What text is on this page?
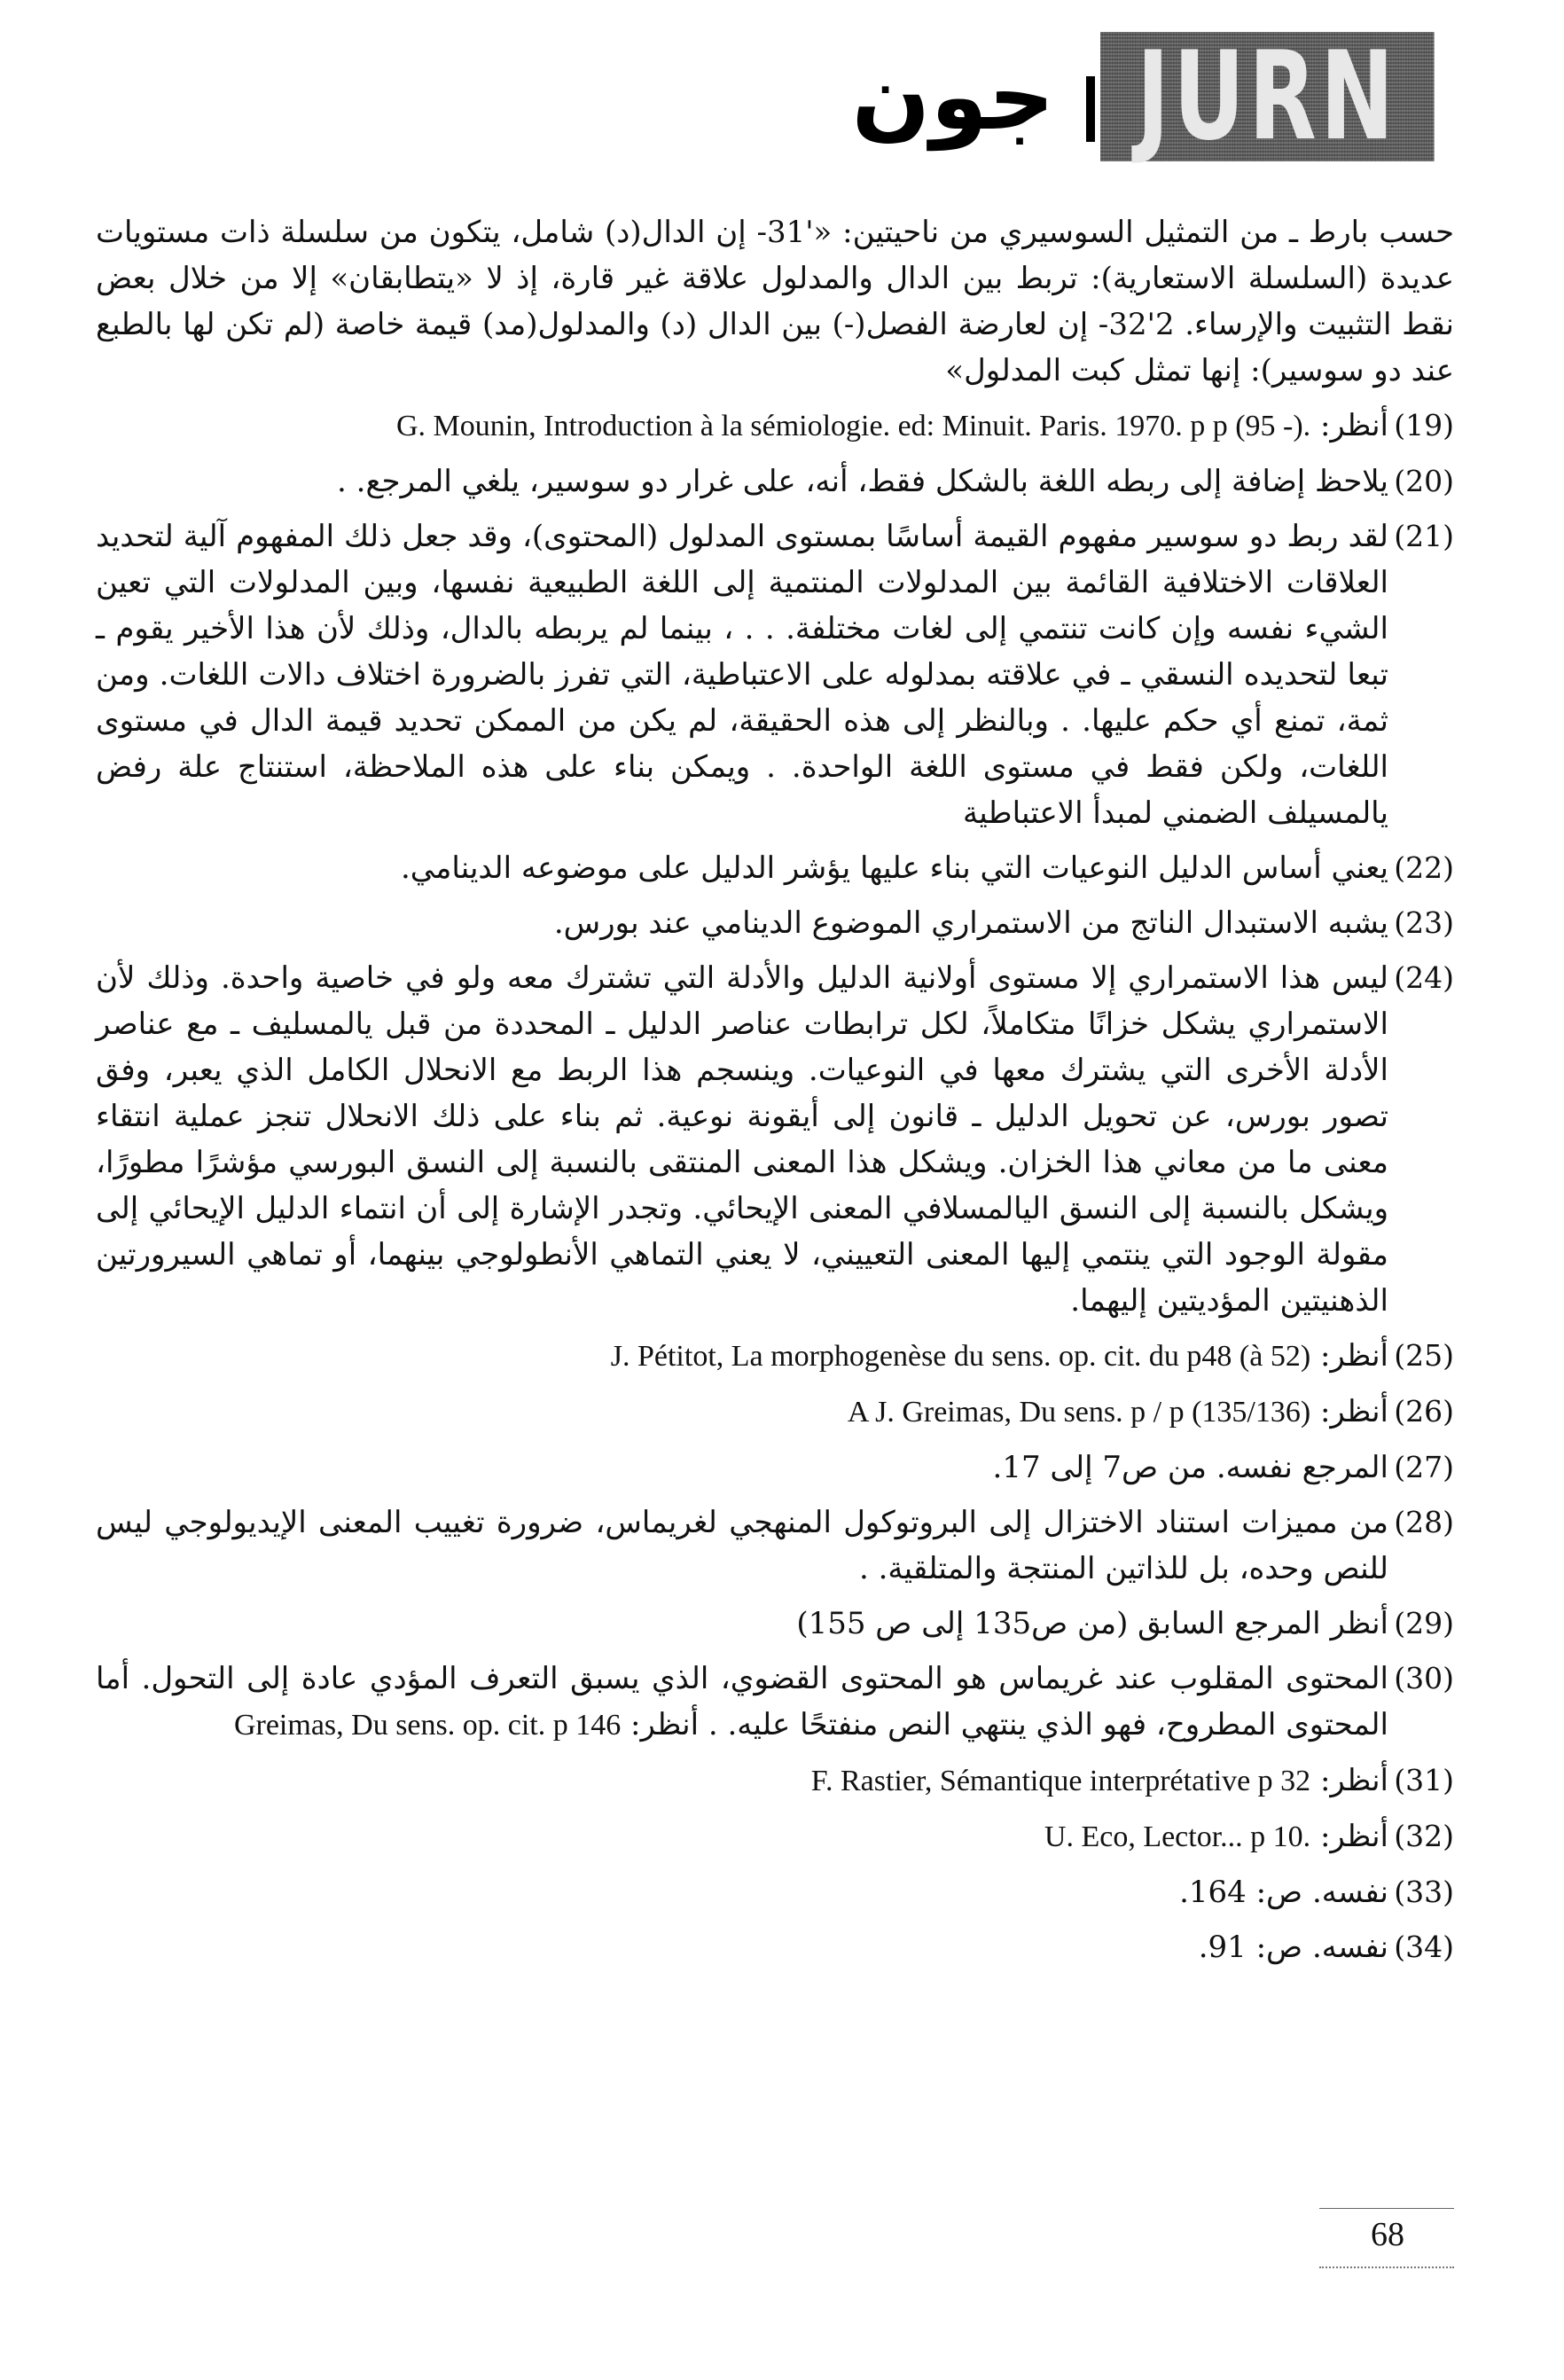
جون JURN

حسب بارط ـ من التمثيل السوسيري من ناحيتين: «'31- إن الدال(د) شامل، يتكون من سلسلة ذات مستويات عديدة (السلسلة الاستعارية): تربط بين الدال والمدلول علاقة غير قارة، إذ لا «يتطابقان» إلا من خلال بعض نقط التثبيت والإرساء. 2'32- إن لعارضة الفصل(-) بين الدال (د) والمدلول(مد) قيمة خاصة (لم تكن لها بالطبع عند دو سوسير): إنها تمثل كبت المدلول»

(19)
أنظر: G. Mounin, Introduction à la sémiologie. ed: Minuit. Paris. 1970. p p (95 -).
(20)
يلاحظ إضافة إلى ربطه اللغة بالشكل فقط، أنه، على غرار دو سوسير، يلغي المرجع. .
(21)
لقد ربط دو سوسير مفهوم القيمة أساسًا بمستوى المدلول (المحتوى)، وقد جعل ذلك المفهوم آلية لتحديد العلاقات الاختلافية القائمة بين المدلولات المنتمية إلى اللغة الطبيعية نفسها، وبين المدلولات التي تعين الشيء نفسه وإن كانت تنتمي إلى لغات مختلفة. . . ، بينما لم يربطه بالدال، وذلك لأن هذا الأخير يقوم ـ تبعا لتحديده النسقي ـ في علاقته بمدلوله على الاعتباطية، التي تفرز بالضرورة اختلاف دالات اللغات. ومن ثمة، تمنع أي حكم عليها. . وبالنظر إلى هذه الحقيقة، لم يكن من الممكن تحديد قيمة الدال في مستوى اللغات، ولكن فقط في مستوى اللغة الواحدة. . ويمكن بناء على هذه الملاحظة، استنتاج علة رفض يالمسيلف الضمني لمبدأ الاعتباطية
(22)
يعني أساس الدليل النوعيات التي بناء عليها يؤشر الدليل على موضوعه الدينامي.
(23)
يشبه الاستبدال الناتج من الاستمراري الموضوع الدينامي عند بورس.
(24)
ليس هذا الاستمراري إلا مستوى أولانية الدليل والأدلة التي تشترك معه ولو في خاصية واحدة. وذلك لأن الاستمراري يشكل خزانًا متكاملاً، لكل ترابطات عناصر الدليل ـ المحددة من قبل يالمسليف ـ مع عناصر الأدلة الأخرى التي يشترك معها في النوعيات. وينسجم هذا الربط مع الانحلال الكامل الذي يعبر، وفق تصور بورس، عن تحويل الدليل ـ قانون إلى أيقونة نوعية. ثم بناء على ذلك الانحلال تنجز عملية انتقاء معنى ما من معاني هذا الخزان. ويشكل هذا المعنى المنتقى بالنسبة إلى النسق البورسي مؤشرًا مطورًا، ويشكل بالنسبة إلى النسق اليالمسلافي المعنى الإيحائي. وتجدر الإشارة إلى أن انتماء الدليل الإيحائي إلى مقولة الوجود التي ينتمي إليها المعنى التعييني، لا يعني التماهي الأنطولوجي بينهما، أو تماهي السيرورتين الذهنيتين المؤديتين إليهما.
(25)
أنظر: J. Pétitot, La morphogenèse du sens. op. cit. du p48 (à 52)
(26)
أنظر: A J. Greimas, Du sens. p / p (135/136)
(27)
المرجع نفسه. من ص7 إلى 17.
(28)
من مميزات استناد الاختزال إلى البروتوكول المنهجي لغريماس، ضرورة تغييب المعنى الإيديولوجي ليس للنص وحده، بل للذاتين المنتجة والمتلقية. .
(29)
أنظر المرجع السابق (من ص135 إلى ص 155)
(30)
المحتوى المقلوب عند غريماس هو المحتوى القضوي، الذي يسبق التعرف المؤدي عادة إلى التحول. أما المحتوى المطروح، فهو الذي ينتهي النص منفتحًا عليه. . أنظر: Greimas, Du sens. op. cit. p 146
(31)
أنظر: F. Rastier, Sémantique interprétative p 32
(32)
أنظر: U. Eco, Lector... p 10.
(33)
نفسه. ص: 164.
(34)
نفسه. ص: 91.
68
